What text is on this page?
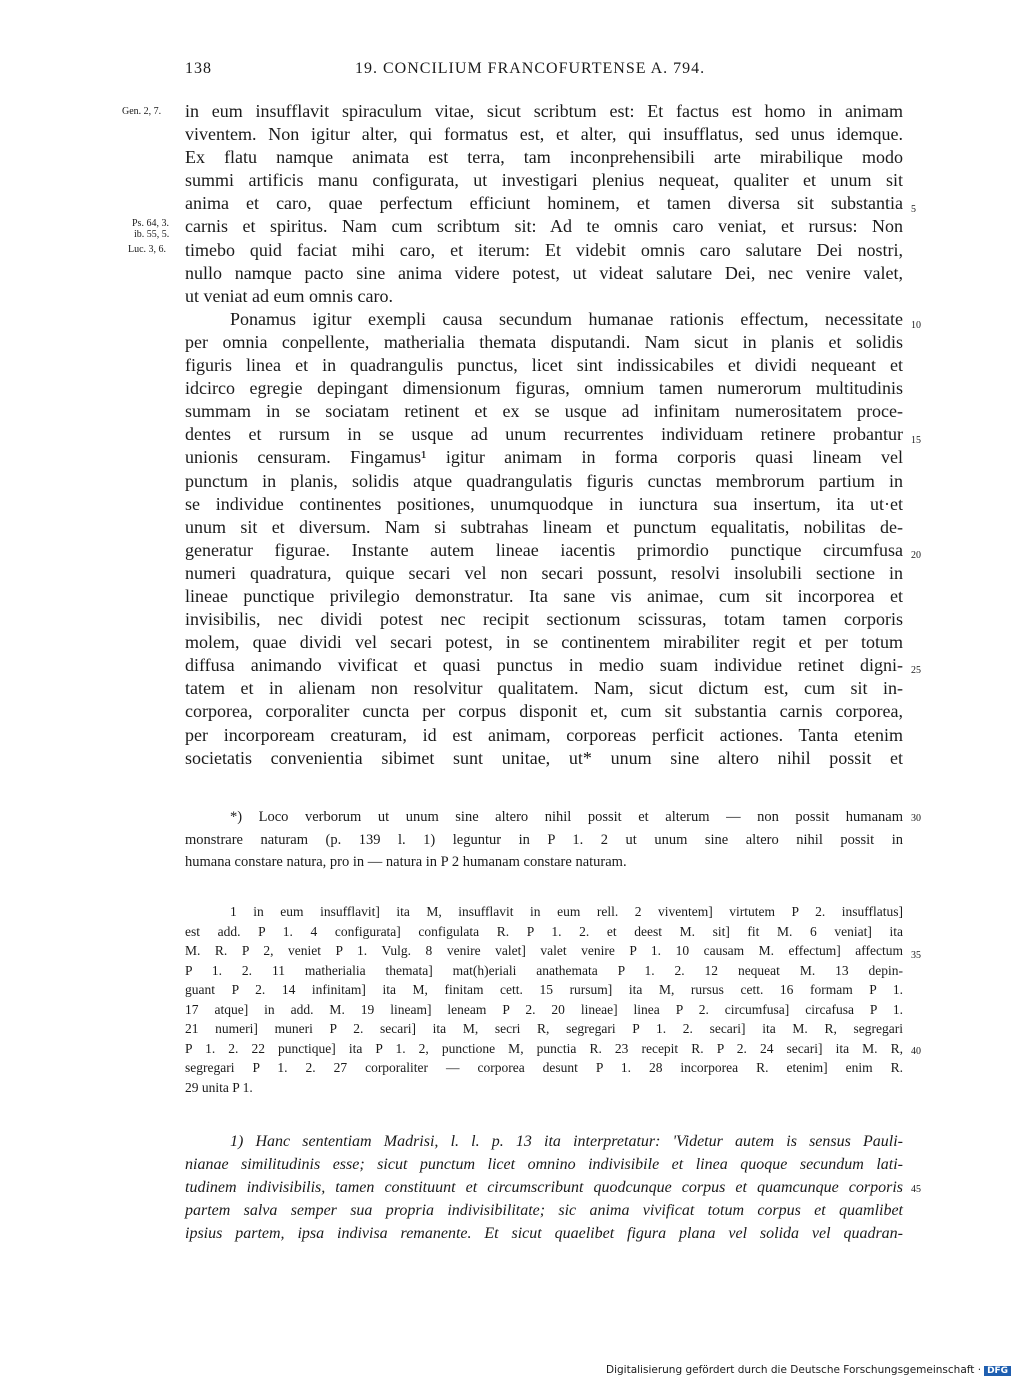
138	19. CONCILIUM FRANCOFURTENSE A. 794.
Gen. 2, 7.
Ps. 64, 3.
ib. 55, 5.
Luc. 3, 6.
in eum insufflavit spiraculum vitae, sicut scribtum est: Et factus est homo in animam
viventem. Non igitur alter, qui formatus est, et alter, qui insufflatus, sed unus idemque.
Ex flatu namque animata est terra, tam inconprehensibili arte mirabilique modo
summi artificis manu configurata, ut investigari plenius nequeat, qualiter et unum sit
anima et caro, quae perfectum efficiunt hominem, et tamen diversa sit substantia
carnis et spiritus. Nam cum scribtum sit: Ad te omnis caro veniat, et rursus: Non
timebo quid faciat mihi caro, et iterum: Et videbit omnis caro salutare Dei nostri,
nullo namque pacto sine anima videre potest, ut videat salutare Dei, nec venire valet,
ut veniat ad eum omnis caro.
Ponamus igitur exempli causa secundum humanae rationis effectum, necessitate
per omnia conpellente, matherialia themata disputandi. Nam sicut in planis et solidis
figuris linea et in quadrangulis punctus, licet sint indissicabiles et dividi nequeant et
idcirco egregie depingant dimensionum figuras, omnium tamen numerorum multitudinis
summam in se sociatam retinent et ex se usque ad infinitam numerositatem proce-
dentes et rursum in se usque ad unum recurrentes individuam retinere probantur
unionis censuram. Fingamus¹ igitur animam in forma corporis quasi lineam vel
punctum in planis, solidis atque quadrangulatis figuris cunctas membrorum partium in
se individue continentes positiones, unumquodque in iunctura sua insertum, ita ut·et
unum sit et diversum. Nam si subtrahas lineam et punctum equalitatis, nobilitas de-
generatur figurae. Instante autem lineae iacentis primordio punctique circumfusa
numeri quadratura, quique secari vel non secari possunt, resolvi insolubili sectione in
lineae punctique privilegio demonstratur. Ita sane vis animae, cum sit incorporea et
invisibilis, nec dividi potest nec recipit sectionum scissuras, totam tamen corporis
molem, quae dividi vel secari potest, in se continentem mirabiliter regit et per totum
diffusa animando vivificat et quasi punctus in medio suam individue retinet digni-
tatem et in alienam non resolvitur qualitatem. Nam, sicut dictum est, cum sit in-
corporea, corporaliter cuncta per corpus disponit et, cum sit substantia carnis corporea,
per incorpoream creaturam, id est animam, corporeas perficit actiones. Tanta etenim
societatis convenientia sibimet sunt unitae, ut* unum sine altero nihil possit et
*) Loco verborum ut unum sine altero nihil possit et alterum — non possit humanam
monstrare naturam (p. 139 l. 1) leguntur in P 1. 2 ut unum sine altero nihil possit in
humana constare natura, pro in — natura in P 2 humanam constare naturam.
1 in eum insufflavit] ita M, insufflavit in eum rell. 2 viventem] virtutem P 2. insufflatus]
est add. P 1. 4 configurata] configulata R. P 1. 2. et deest M. sit] fit M. 6 veniat] ita
M. R. P 2, veniet P 1. Vulg. 8 venire valet] valet venire P 1. 10 causam M. effectum] affectum
P 1. 2. 11 matherialia themata] mat(h)eriali anathemata P 1. 2. 12 nequeat M. 13 depin-
guant P 2. 14 infinitam] ita M, finitam cett. 15 rursum] ita M, rursus cett. 16 formam P 1.
17 atque] in add. M. 19 lineam] leneam P 2. 20 lineae] linea P 2. circumfusa] circafusa P 1.
21 numeri] muneri P 2. secari] ita M, secri R, segregari P 1. 2. secari] ita M. R, segregari
P 1. 2. 22 punctique] ita P 1. 2, punctione M, punctia R. 23 recepit R. P 2. 24 secari] ita M. R,
segregari P 1. 2. 27 corporaliter — corporea desunt P 1. 28 incorporea R. etenim] enim R.
29 unita P 1.
1) Hanc sententiam Madrisi, l. l. p. 13 ita interpretatur: 'Videtur autem is sensus Pauli-
nianae similitudinis esse; sicut punctum licet omnino indivisibile et linea quoque secundum lati-
tudinem indivisibilis, tamen constituunt et circumscribunt quodcunque corpus et quamcunque corporis
partem salva semper sua propria indivisibilitate; sic anima vivificat totum corpus et quamlibet
ipsius partem, ipsa indivisa remanente. Et sicut quaelibet figura plana vel solida vel quadran-
5
10
15
20
25
30
35
40
45
Digitalisierung gefördert durch die Deutsche Forschungsgemeinschaft · DFG
